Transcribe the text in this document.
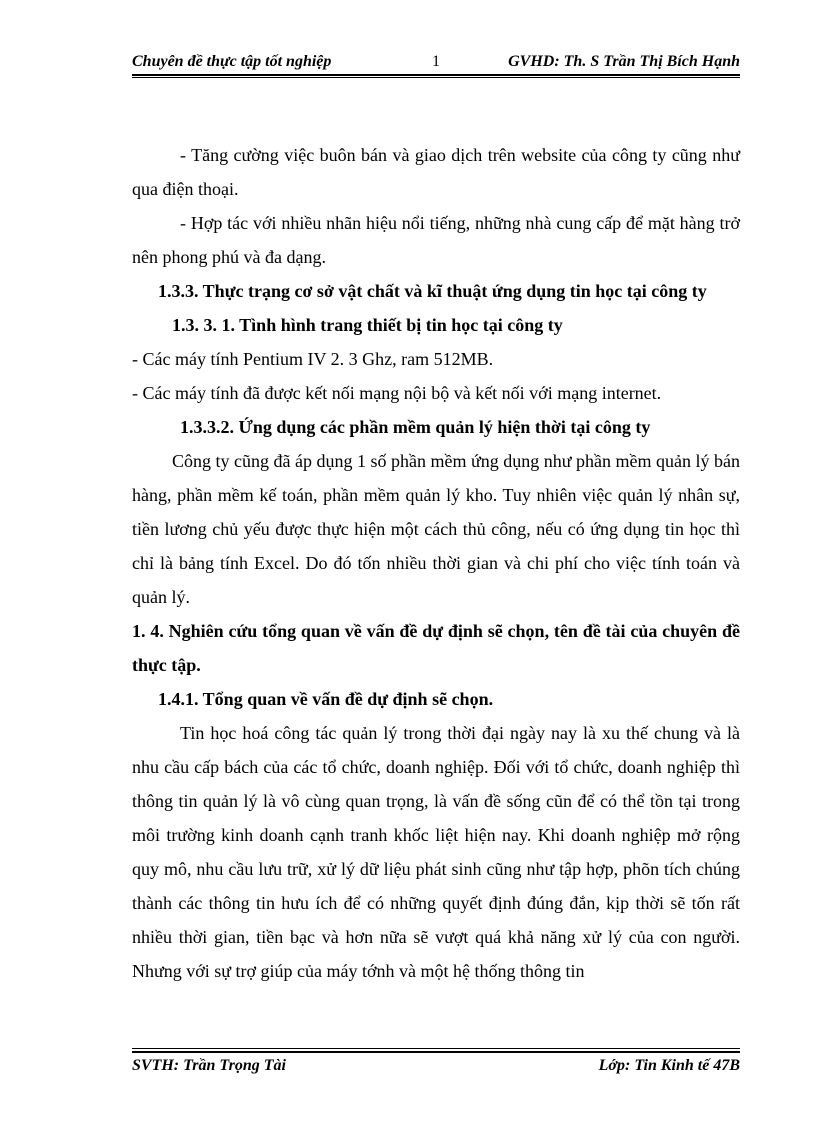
Chuyên đề thực tập tốt nghiệp	1	GVHD: Th. S Trần Thị Bích Hạnh

- Tăng cường việc buôn bán và giao dịch trên website của công ty cũng như qua điện thoại.

- Hợp tác với nhiều nhãn hiệu nổi tiếng, những nhà cung cấp để mặt hàng trở nên phong phú và đa dạng.

1.3.3. Thực trạng cơ sở vật chất và kĩ thuật ứng dụng tin học tại công ty

1.3. 3. 1. Tình hình trang thiết bị tin học tại công ty

- Các máy tính Pentium IV 2. 3 Ghz, ram 512MB.

- Các máy tính đã được kết nối mạng nội bộ và kết nối với mạng internet.

1.3.3.2. Ứng dụng các phần mềm quản lý hiện thời tại công ty

Công ty cũng đã áp dụng 1 số phần mềm ứng dụng như phần mềm quản lý bán hàng, phần mềm kế toán, phần mềm quản lý kho. Tuy nhiên việc quản lý nhân sự, tiền lương chủ yếu được thực hiện một cách thủ công, nếu có ứng dụng tin học thì chỉ là bảng tính Excel. Do đó tốn nhiều thời gian và chi phí cho việc tính toán và quản lý.

1. 4. Nghiên cứu tổng quan về vấn đề dự định sẽ chọn, tên đề tài của chuyên đề thực tập.

1.4.1. Tổng quan về vấn đề dự định sẽ chọn.

Tin học hoá công tác quản lý trong thời đại ngày nay là xu thế chung và là nhu cầu cấp bách của các tổ chức, doanh nghiệp. Đối với tổ chức, doanh nghiệp thì thông tin quản lý là vô cùng quan trọng, là vấn đề sống cũn để có thể tồn tại trong môi trường kinh doanh cạnh tranh khốc liệt hiện nay. Khi doanh nghiệp mở rộng quy mô, nhu cầu lưu trữ, xử lý dữ liệu phát sinh cũng như tập hợp, phõn tích chúng thành các thông tin hưu ích để có những quyết định đúng đắn, kịp thời sẽ tốn rất nhiều thời gian, tiền bạc và hơn nữa sẽ vượt quá khả năng xử lý của con người. Nhưng với sự trợ giúp của máy tớnh và một hệ thống thông tin

SVTH: Trần Trọng Tài	Lớp: Tin Kinh tế 47B
